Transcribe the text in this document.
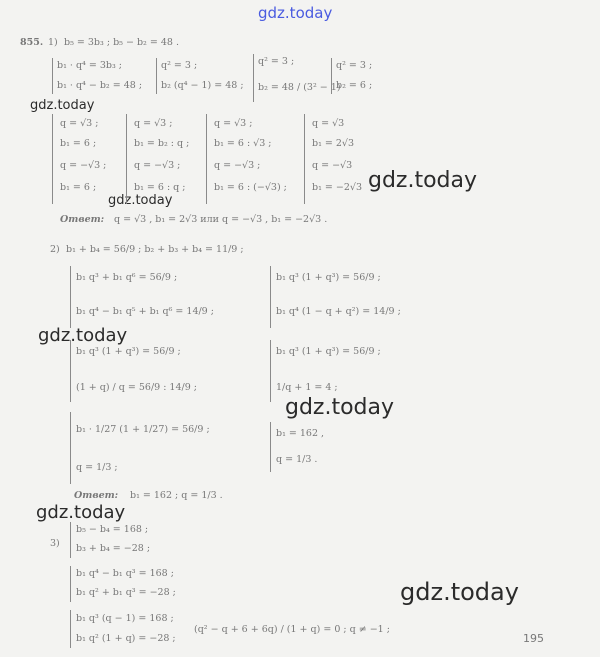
gdz.today
gdz.today
gdz.today
gdz.today
gdz.today
gdz.today
gdz.today
gdz.today
855. 1) b₅ = 3b₃ ; b₅ − b₂ = 48 .
b₁ · q⁴ = 3b₃ ;
b₁ · q⁴ − b₂ = 48 ;
q² = 3 ;
b₂ (q⁴ − 1) = 48 ;
q² = 3 ;
b₂ = 48 / (3² − 1)
q² = 3 ;
b₂ = 6 ;
q = √3 ;
b₁ = 6 ;
q = −√3 ;
b₁ = 6 ;
q = √3 ;
b₁ = b₂ : q ;
q = −√3 ;
b₁ = 6 : q ;
q = √3 ;
b₁ = 6 : √3 ;
q = −√3 ;
b₁ = 6 : (−√3) ;
q = √3
b₁ = 2√3
q = −√3
b₁ = −2√3
Ответ: q = √3 , b₁ = 2√3 или q = −√3 , b₁ = −2√3 .
2) b₁ + b₄ = 56/9 ; b₂ + b₃ + b₄ = 11/9 ;
b₁ q³ + b₁ q⁶ = 56/9 ;
b₁ q⁴ − b₁ q⁵ + b₁ q⁶ = 14/9 ;
b₁ q³ (1 + q³) = 56/9 ;
(1 + q) / q = 56/9 : 14/9 ;
b₁ · 1/27 (1 + 1/27) = 56/9 ;
q = 1/3 ;
b₁ q³ (1 + q³) = 56/9 ;
b₁ q⁴ (1 − q + q²) = 14/9 ;
b₁ q³ (1 + q³) = 56/9 ;
1/q + 1 = 4 ;
b₁ = 162 ,
q = 1/3 .
Ответ: b₁ = 162 ; q = 1/3 .
3)
b₅ − b₄ = 168 ;
b₃ + b₄ = −28 ;
b₁ q⁴ − b₁ q³ = 168 ;
b₁ q² + b₁ q³ = −28 ;
b₁ q³ (q − 1) = 168 ;
b₁ q² (1 + q) = −28 ;
(q² − q + 6 + 6q) / (1 + q) = 0 ; q ≠ −1 ;
195
